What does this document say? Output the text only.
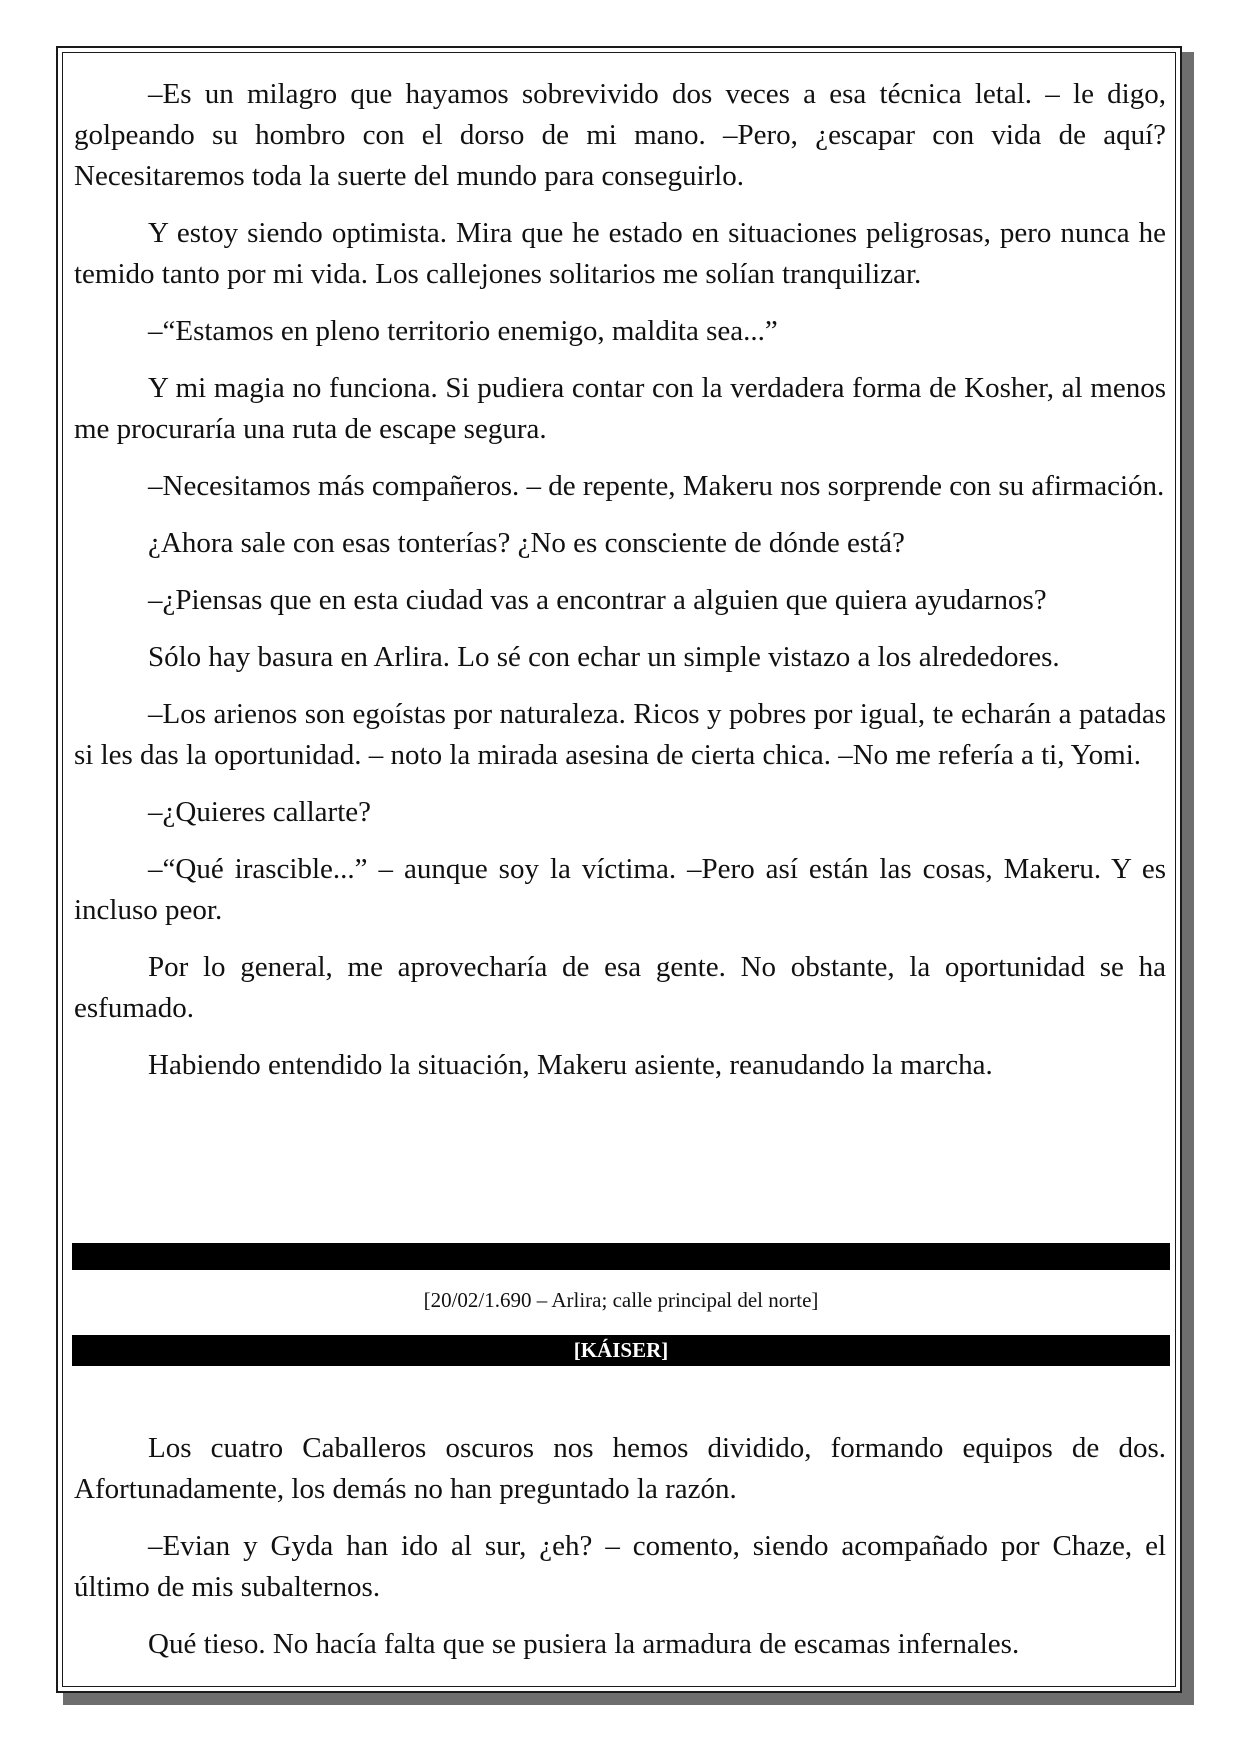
–Es un milagro que hayamos sobrevivido dos veces a esa técnica letal. – le digo, golpeando su hombro con el dorso de mi mano. –Pero, ¿escapar con vida de aquí? Necesitaremos toda la suerte del mundo para conseguirlo.

Y estoy siendo optimista. Mira que he estado en situaciones peligrosas, pero nunca he temido tanto por mi vida. Los callejones solitarios me solían tranquilizar.

–“Estamos en pleno territorio enemigo, maldita sea...”

Y mi magia no funciona. Si pudiera contar con la verdadera forma de Kosher, al menos me procuraría una ruta de escape segura.

–Necesitamos más compañeros. – de repente, Makeru nos sorprende con su afirmación.

¿Ahora sale con esas tonterías? ¿No es consciente de dónde está?

–¿Piensas que en esta ciudad vas a encontrar a alguien que quiera ayudarnos?

Sólo hay basura en Arlira. Lo sé con echar un simple vistazo a los alrededores.

–Los arienos son egoístas por naturaleza. Ricos y pobres por igual, te echarán a patadas si les das la oportunidad. – noto la mirada asesina de cierta chica. –No me refería a ti, Yomi.

–¿Quieres callarte?

–“Qué irascible...” – aunque soy la víctima. –Pero así están las cosas, Makeru. Y es incluso peor.

Por lo general, me aprovecharía de esa gente. No obstante, la oportunidad se ha esfumado.

Habiendo entendido la situación, Makeru asiente, reanudando la marcha.

[20/02/1.690 – Arlira; calle principal del norte]
[KÁISER]

Los cuatro Caballeros oscuros nos hemos dividido, formando equipos de dos. Afortunadamente, los demás no han preguntado la razón.

–Evian y Gyda han ido al sur, ¿eh? – comento, siendo acompañado por Chaze, el último de mis subalternos.

Qué tieso. No hacía falta que se pusiera la armadura de escamas infernales.
